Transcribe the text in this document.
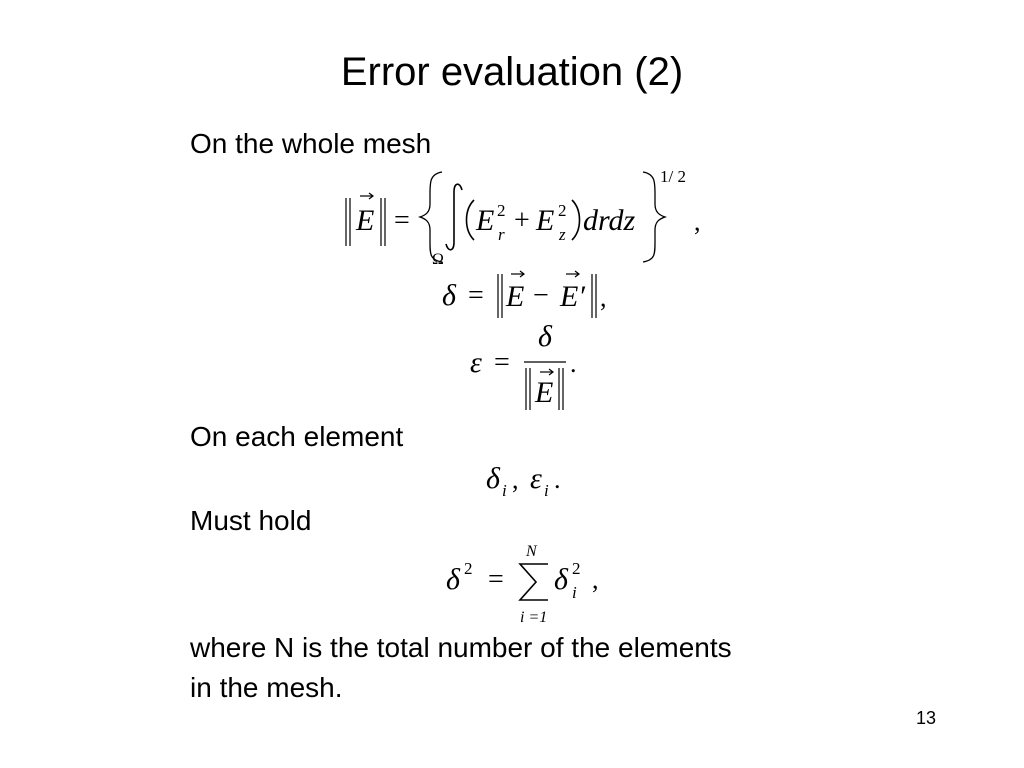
Error evaluation (2)
On the whole mesh
E =
Ω
E 2
r + E 2
z drdz
1/ 2
,
δ = E − E′ ,
ε =
δ
E
.
On each element
δ i , ε i .
Must hold
δ 2 =
N
i =1
δ 2
i ,
where N is the total number of the elements
in the mesh.
13
